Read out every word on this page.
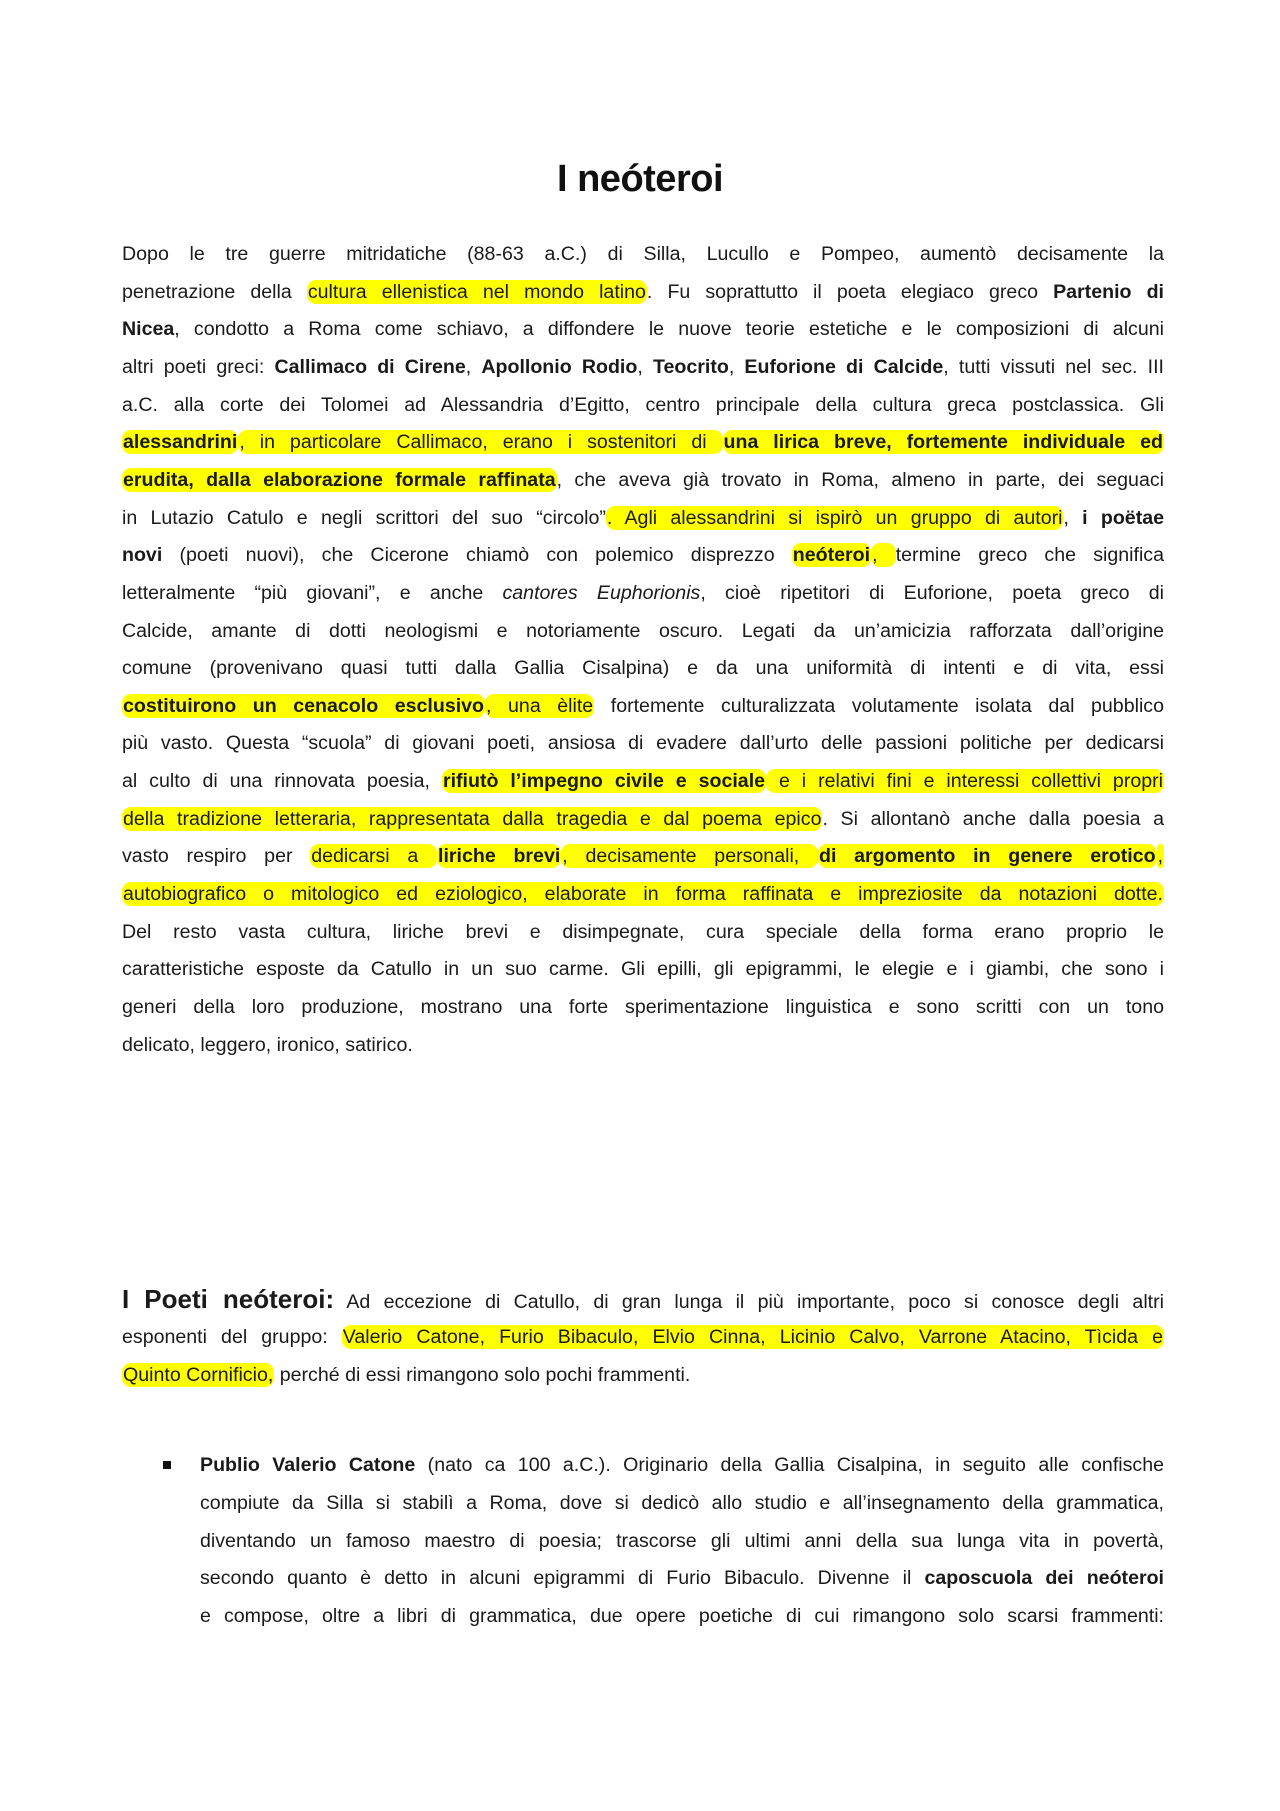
I neóteroi
Dopo le tre guerre mitridatiche (88-63 a.C.) di Silla, Lucullo e Pompeo, aumentò decisamente la
penetrazione della cultura ellenistica nel mondo latino. Fu soprattutto il poeta elegiaco greco Partenio di
Nicea, condotto a Roma come schiavo, a diffondere le nuove teorie estetiche e le composizioni di alcuni
altri poeti greci: Callimaco di Cirene, Apollonio Rodio, Teocrito, Euforione di Calcide, tutti vissuti nel sec. III
a.C. alla corte dei Tolomei ad Alessandria d’Egitto, centro principale della cultura greca postclassica. Gli
alessandrini , in particolare Callimaco, erano i sostenitori di una lirica breve, fortemente individuale ed
erudita, dalla elaborazione formale raffinata, che aveva già trovato in Roma, almeno in parte, dei seguaci
in Lutazio Catulo e negli scrittori del suo “circolo”. Agli alessandrini si ispirò un gruppo di autori, i poëtae
novi (poeti nuovi), che Cicerone chiamò con polemico disprezzo neóteroi , termine greco che significa
letteralmente “più giovani”, e anche cantores Euphorionis, cioè ripetitori di Euforione, poeta greco di
Calcide, amante di dotti neologismi e notoriamente oscuro. Legati da un’amicizia rafforzata dall’origine
comune (provenivano quasi tutti dalla Gallia Cisalpina) e da una uniformità di intenti e di vita, essi
costituirono un cenacolo esclusivo , una èlite fortemente culturalizzata volutamente isolata dal pubblico
più vasto. Questa “scuola” di giovani poeti, ansiosa di evadere dall’urto delle passioni politiche per dedicarsi
al culto di una rinnovata poesia, rifiutò l’impegno civile e sociale e i relativi fini e interessi collettivi propri
della tradizione letteraria, rappresentata dalla tragedia e dal poema epico. Si allontanò anche dalla poesia a
vasto respiro per dedicarsi a liriche brevi , decisamente personali, di argomento in genere erotico ,
autobiografico o mitologico ed eziologico, elaborate in forma raffinata e impreziosite da notazioni dotte.
Del resto vasta cultura, liriche brevi e disimpegnate, cura speciale della forma erano proprio le
caratteristiche esposte da Catullo in un suo carme. Gli epilli, gli epigrammi, le elegie e i giambi, che sono i
generi della loro produzione, mostrano una forte sperimentazione linguistica e sono scritti con un tono
delicato, leggero, ironico, satirico.
I Poeti neóteroi: Ad eccezione di Catullo, di gran lunga il più importante, poco si conosce degli altri
esponenti del gruppo: Valerio Catone, Furio Bibaculo, Elvio Cinna, Licinio Calvo, Varrone Atacino, Tìcida e
Quinto Cornificio, perché di essi rimangono solo pochi frammenti.
Publio Valerio Catone (nato ca 100 a.C.). Originario della Gallia Cisalpina, in seguito alle confische
compiute da Silla si stabilì a Roma, dove si dedicò allo studio e all’insegnamento della grammatica,
diventando un famoso maestro di poesia; trascorse gli ultimi anni della sua lunga vita in povertà,
secondo quanto è detto in alcuni epigrammi di Furio Bibaculo. Divenne il caposcuola dei neóteroi
e compose, oltre a libri di grammatica, due opere poetiche di cui rimangono solo scarsi frammenti:
